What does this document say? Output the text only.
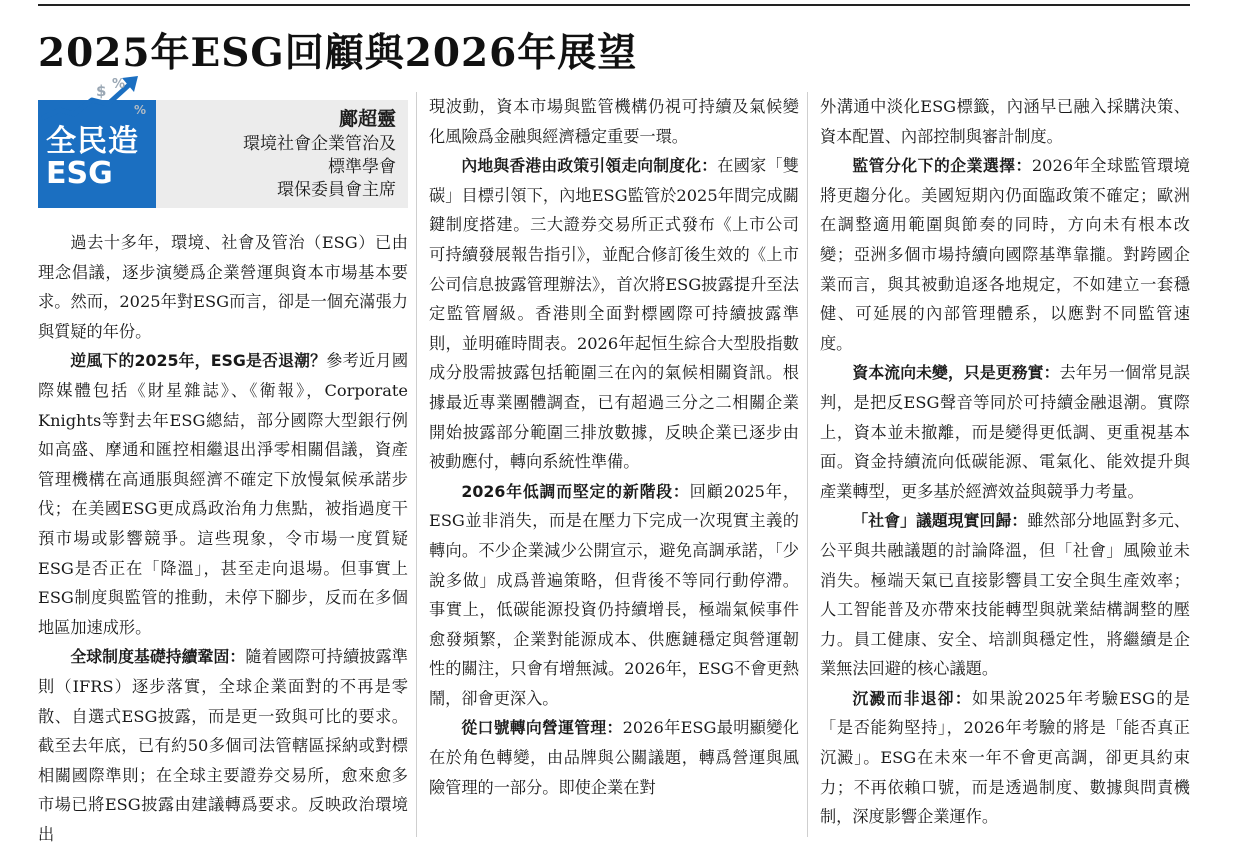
2025年ESG回顧與2026年展望
$ %
%
全民造
ESG
鄺超靈
環境社會企業管治及
標準學會
環保委員會主席

過去十多年，環境、社會及管治（ESG）已由理念倡議，逐步演變爲企業營運與資本市場基本要求。然而，2025年對ESG而言，卻是一個充滿張力與質疑的年份。

逆風下的2025年，ESG是否退潮？參考近月國際媒體包括《財星雜誌》、《衛報》，Corporate Knights等對去年ESG總結，部分國際大型銀行例如高盛、摩通和匯控相繼退出淨零相關倡議，資產管理機構在高通脹與經濟不確定下放慢氣候承諾步伐；在美國ESG更成爲政治角力焦點，被指過度干預市場或影響競爭。這些現象，令市場一度質疑ESG是否正在「降溫」，甚至走向退場。但事實上ESG制度與監管的推動，未停下腳步，反而在多個地區加速成形。

全球制度基礎持續鞏固：隨着國際可持續披露準則（IFRS）逐步落實，全球企業面對的不再是零散、自選式ESG披露，而是更一致與可比的要求。截至去年底，已有約50多個司法管轄區採納或對標相關國際準則；在全球主要證券交易所，愈來愈多市場已將ESG披露由建議轉爲要求。反映政治環境出

現波動，資本市場與監管機構仍視可持續及氣候變化風險爲金融與經濟穩定重要一環。

內地與香港由政策引領走向制度化：在國家「雙碳」目標引領下，內地ESG監管於2025年間完成關鍵制度搭建。三大證券交易所正式發布《上市公司可持續發展報告指引》，並配合修訂後生效的《上市公司信息披露管理辦法》，首次將ESG披露提升至法定監管層級。香港則全面對標國際可持續披露準則，並明確時間表。2026年起恒生綜合大型股指數成分股需披露包括範圍三在內的氣候相關資訊。根據最近專業團體調查，已有超過三分之二相關企業開始披露部分範圍三排放數據，反映企業已逐步由被動應付，轉向系統性準備。

2026年低調而堅定的新階段：回顧2025年，ESG並非消失，而是在壓力下完成一次現實主義的轉向。不少企業減少公開宣示，避免高調承諾，「少說多做」成爲普遍策略，但背後不等同行動停滯。事實上，低碳能源投資仍持續增長，極端氣候事件愈發頻繁，企業對能源成本、供應鏈穩定與營運韌性的關注，只會有增無減。2026年，ESG不會更熱鬧，卻會更深入。

從口號轉向營運管理：2026年ESG最明顯變化在於角色轉變，由品牌與公關議題，轉爲營運與風險管理的一部分。即使企業在對

外溝通中淡化ESG標籤，內涵早已融入採購決策、資本配置、內部控制與審計制度。

監管分化下的企業選擇：2026年全球監管環境將更趨分化。美國短期內仍面臨政策不確定；歐洲在調整適用範圍與節奏的同時，方向未有根本改變；亞洲多個市場持續向國際基準靠攏。對跨國企業而言，與其被動追逐各地規定，不如建立一套穩健、可延展的內部管理體系，以應對不同監管速度。

資本流向未變，只是更務實：去年另一個常見誤判，是把反ESG聲音等同於可持續金融退潮。實際上，資本並未撤離，而是變得更低調、更重視基本面。資金持續流向低碳能源、電氣化、能效提升與產業轉型，更多基於經濟效益與競爭力考量。

「社會」議題現實回歸：雖然部分地區對多元、公平與共融議題的討論降溫，但「社會」風險並未消失。極端天氣已直接影響員工安全與生產效率；人工智能普及亦帶來技能轉型與就業結構調整的壓力。員工健康、安全、培訓與穩定性，將繼續是企業無法回避的核心議題。

沉澱而非退卻：如果說2025年考驗ESG的是「是否能夠堅持」，2026年考驗的將是「能否真正沉澱」。ESG在未來一年不會更高調，卻更具約束力；不再依賴口號，而是透過制度、數據與問責機制，深度影響企業運作。
